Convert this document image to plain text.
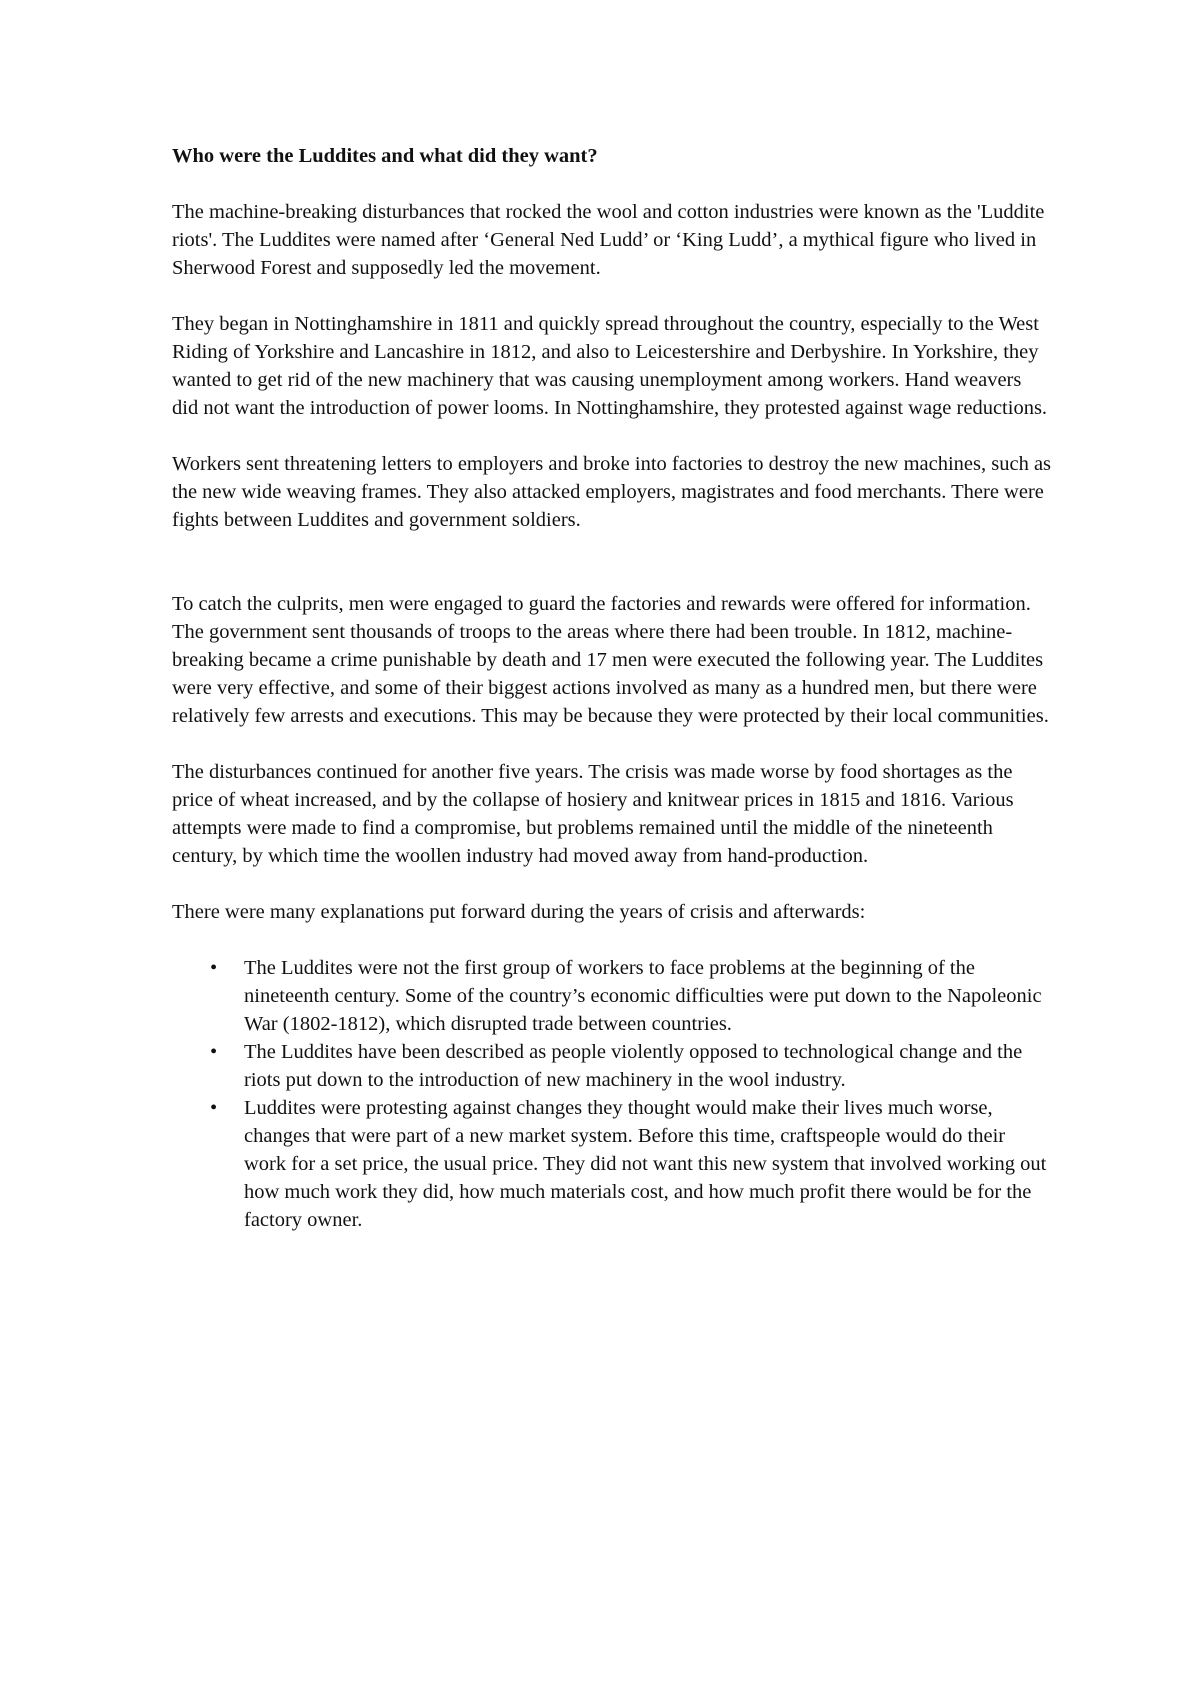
Who were the Luddites and what did they want?

The machine-breaking disturbances that rocked the wool and cotton industries were known as the 'Luddite riots'. The Luddites were named after ‘General Ned Ludd’ or ‘King Ludd’, a mythical figure who lived in Sherwood Forest and supposedly led the movement.

They began in Nottinghamshire in 1811 and quickly spread throughout the country, especially to the West Riding of Yorkshire and Lancashire in 1812, and also to Leicestershire and Derbyshire. In Yorkshire, they wanted to get rid of the new machinery that was causing unemployment among workers. Hand weavers did not want the introduction of power looms. In Nottinghamshire, they protested against wage reductions.

Workers sent threatening letters to employers and broke into factories to destroy the new machines, such as the new wide weaving frames. They also attacked employers, magistrates and food merchants. There were fights between Luddites and government soldiers.

To catch the culprits, men were engaged to guard the factories and rewards were offered for information. The government sent thousands of troops to the areas where there had been trouble. In 1812, machine-breaking became a crime punishable by death and 17 men were executed the following year. The Luddites were very effective, and some of their biggest actions involved as many as a hundred men, but there were relatively few arrests and executions. This may be because they were protected by their local communities.

The disturbances continued for another five years. The crisis was made worse by food shortages as the price of wheat increased, and by the collapse of hosiery and knitwear prices in 1815 and 1816. Various attempts were made to find a compromise, but problems remained until the middle of the nineteenth century, by which time the woollen industry had moved away from hand-production.

There were many explanations put forward during the years of crisis and afterwards:

• The Luddites were not the first group of workers to face problems at the beginning of the nineteenth century. Some of the country’s economic difficulties were put down to the Napoleonic War (1802-1812), which disrupted trade between countries.
• The Luddites have been described as people violently opposed to technological change and the riots put down to the introduction of new machinery in the wool industry.
• Luddites were protesting against changes they thought would make their lives much worse, changes that were part of a new market system. Before this time, craftspeople would do their work for a set price, the usual price. They did not want this new system that involved working out how much work they did, how much materials cost, and how much profit there would be for the factory owner.
